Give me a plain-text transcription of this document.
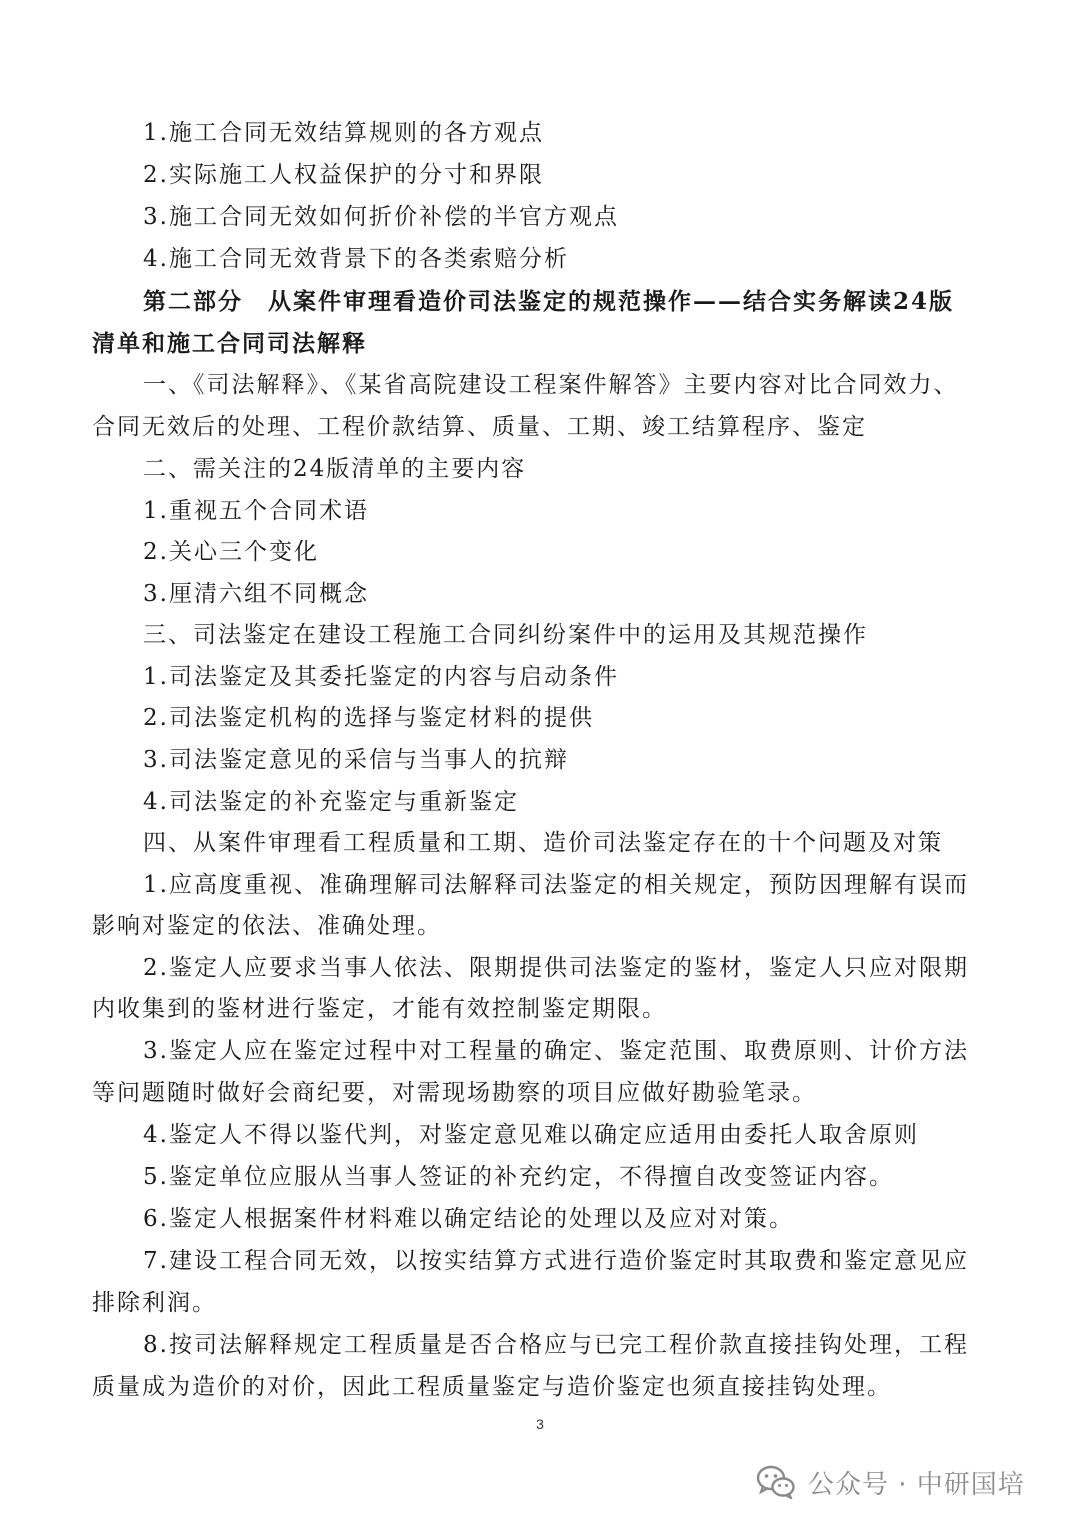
1.施工合同无效结算规则的各方观点
2.实际施工人权益保护的分寸和界限
3.施工合同无效如何折价补偿的半官方观点
4.施工合同无效背景下的各类索赔分析
第二部分　从案件审理看造价司法鉴定的规范操作——结合实务解读24版
清单和施工合同司法解释
一、《司法解释》、《某省高院建设工程案件解答》主要内容对比合同效力、
合同无效后的处理、工程价款结算、质量、工期、竣工结算程序、鉴定
二、需关注的24版清单的主要内容
1.重视五个合同术语
2.关心三个变化
3.厘清六组不同概念
三、司法鉴定在建设工程施工合同纠纷案件中的运用及其规范操作
1.司法鉴定及其委托鉴定的内容与启动条件
2.司法鉴定机构的选择与鉴定材料的提供
3.司法鉴定意见的采信与当事人的抗辩
4.司法鉴定的补充鉴定与重新鉴定
四、从案件审理看工程质量和工期、造价司法鉴定存在的十个问题及对策
1.应高度重视、准确理解司法解释司法鉴定的相关规定，预防因理解有误而
影响对鉴定的依法、准确处理。
2.鉴定人应要求当事人依法、限期提供司法鉴定的鉴材，鉴定人只应对限期
内收集到的鉴材进行鉴定，才能有效控制鉴定期限。
3.鉴定人应在鉴定过程中对工程量的确定、鉴定范围、取费原则、计价方法
等问题随时做好会商纪要，对需现场勘察的项目应做好勘验笔录。
4.鉴定人不得以鉴代判，对鉴定意见难以确定应适用由委托人取舍原则
5.鉴定单位应服从当事人签证的补充约定，不得擅自改变签证内容。
6.鉴定人根据案件材料难以确定结论的处理以及应对对策。
7.建设工程合同无效，以按实结算方式进行造价鉴定时其取费和鉴定意见应
排除利润。
8.按司法解释规定工程质量是否合格应与已完工程价款直接挂钩处理，工程
质量成为造价的对价，因此工程质量鉴定与造价鉴定也须直接挂钩处理。
3
公众号 · 中研国培
